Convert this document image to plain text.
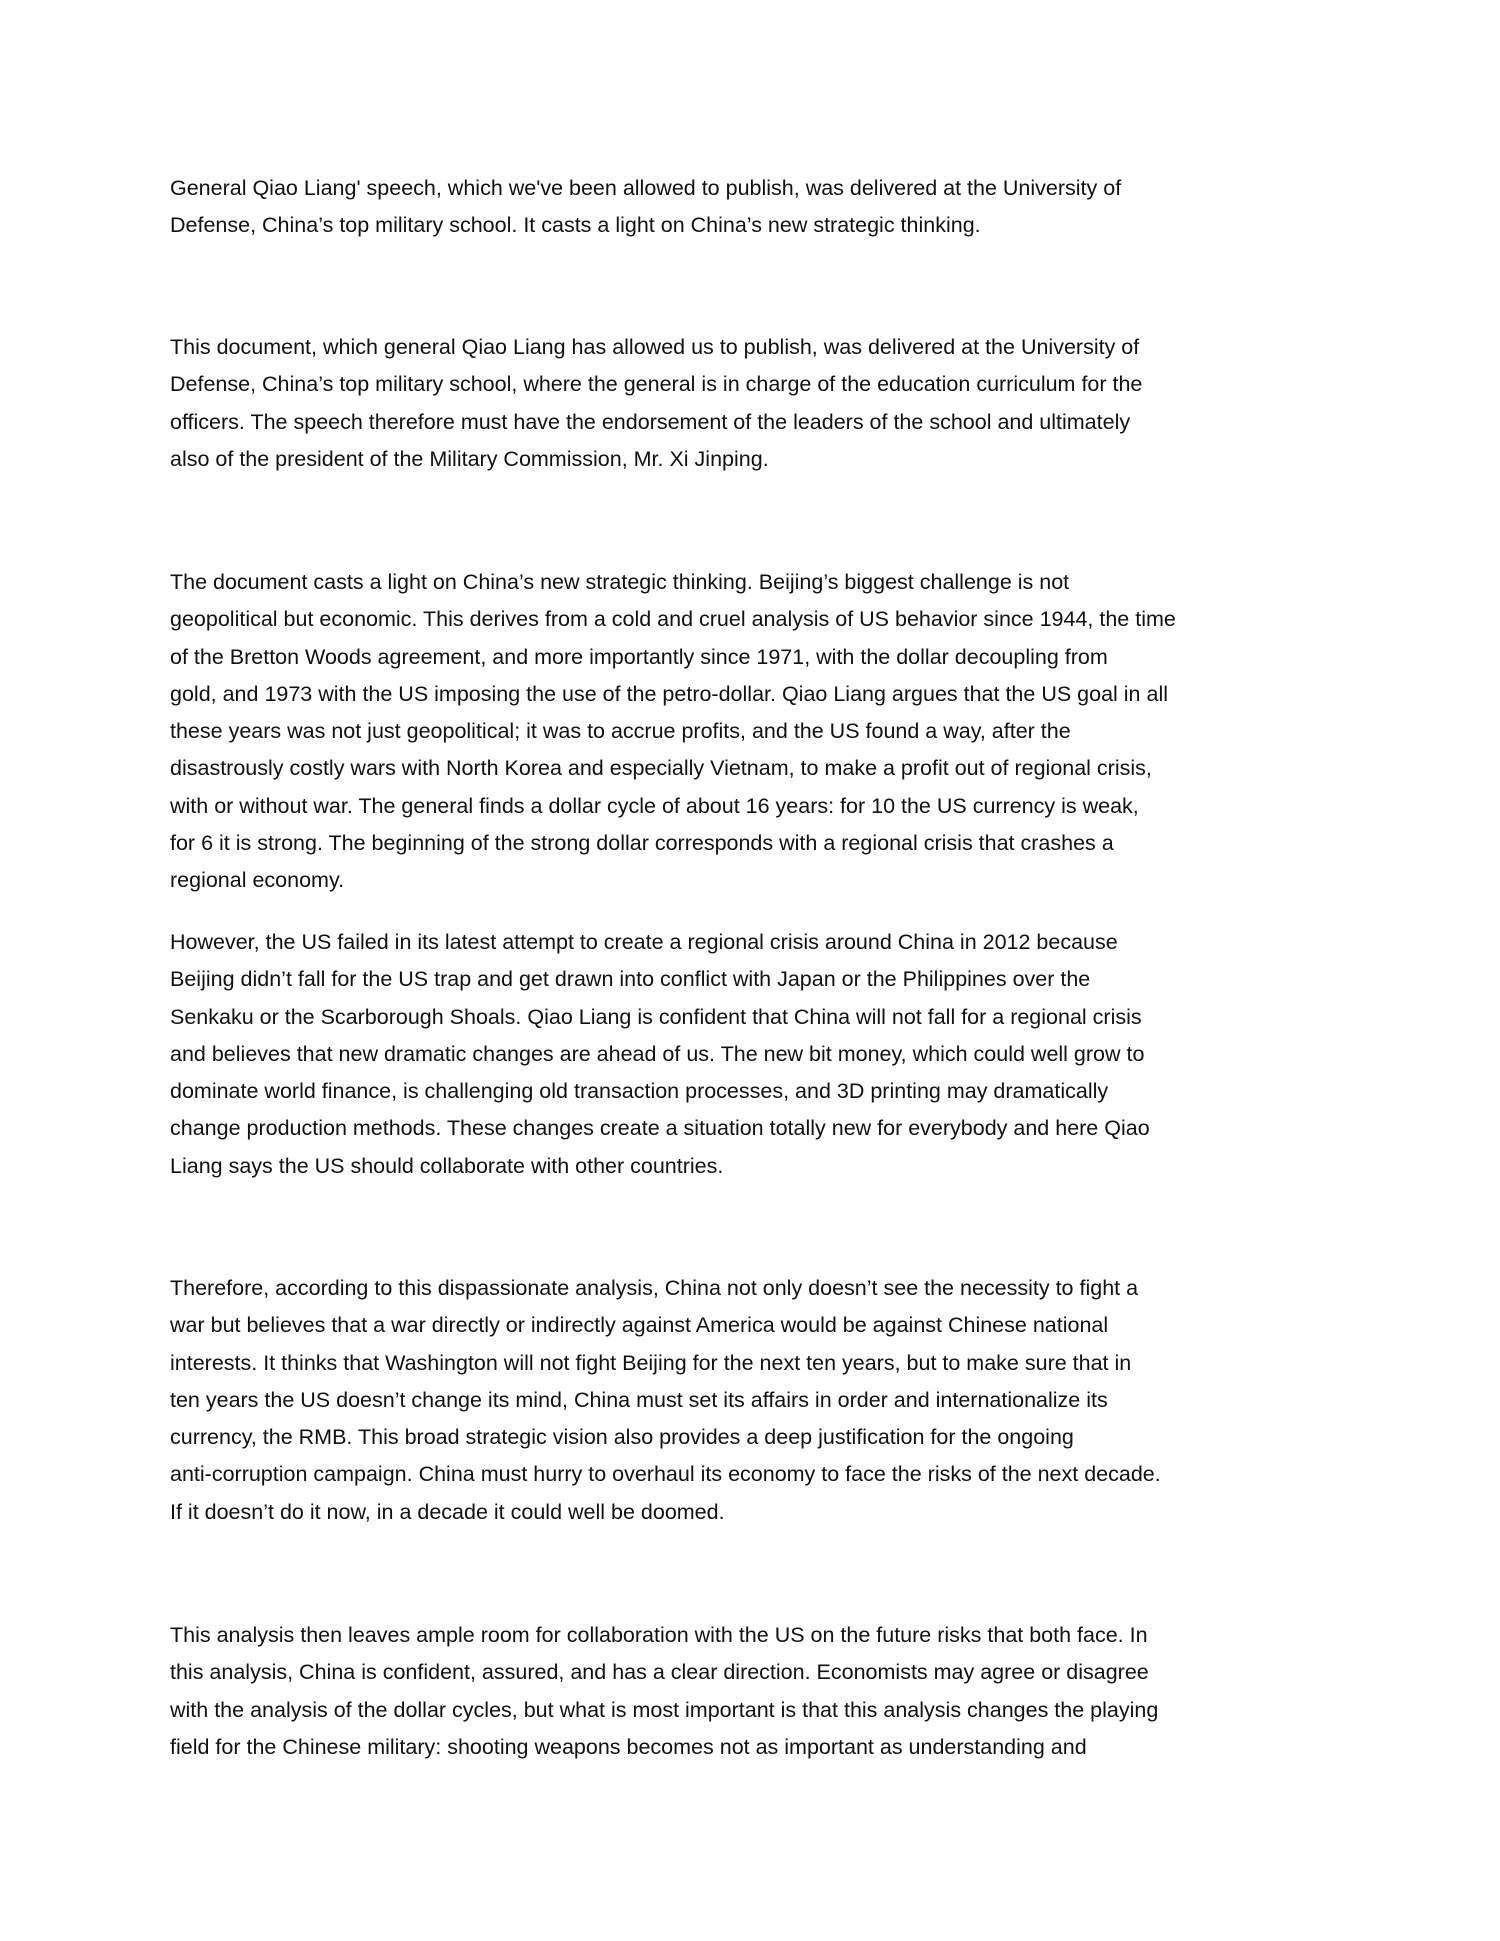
General Qiao Liang' speech, which we've been allowed to publish, was delivered at the University of
Defense, China’s top military school. It casts a light on China’s new strategic thinking.
This document, which general Qiao Liang has allowed us to publish, was delivered at the University of
Defense, China’s top military school, where the general is in charge of the education curriculum for the
officers. The speech therefore must have the endorsement of the leaders of the school and ultimately
also of the president of the Military Commission, Mr. Xi Jinping.
The document casts a light on China’s new strategic thinking. Beijing’s biggest challenge is not
geopolitical but economic. This derives from a cold and cruel analysis of US behavior since 1944, the time
of the Bretton Woods agreement, and more importantly since 1971, with the dollar decoupling from
gold, and 1973 with the US imposing the use of the petro-dollar. Qiao Liang argues that the US goal in all
these years was not just geopolitical; it was to accrue profits, and the US found a way, after the
disastrously costly wars with North Korea and especially Vietnam, to make a profit out of regional crisis,
with or without war. The general finds a dollar cycle of about 16 years: for 10 the US currency is weak,
for 6 it is strong. The beginning of the strong dollar corresponds with a regional crisis that crashes a
regional economy.
However, the US failed in its latest attempt to create a regional crisis around China in 2012 because
Beijing didn’t fall for the US trap and get drawn into conflict with Japan or the Philippines over the
Senkaku or the Scarborough Shoals. Qiao Liang is confident that China will not fall for a regional crisis
and believes that new dramatic changes are ahead of us. The new bit money, which could well grow to
dominate world finance, is challenging old transaction processes, and 3D printing may dramatically
change production methods. These changes create a situation totally new for everybody and here Qiao
Liang says the US should collaborate with other countries.
Therefore, according to this dispassionate analysis, China not only doesn’t see the necessity to fight a
war but believes that a war directly or indirectly against America would be against Chinese national
interests. It thinks that Washington will not fight Beijing for the next ten years, but to make sure that in
ten years the US doesn’t change its mind, China must set its affairs in order and internationalize its
currency, the RMB. This broad strategic vision also provides a deep justification for the ongoing
anti-corruption campaign. China must hurry to overhaul its economy to face the risks of the next decade.
If it doesn’t do it now, in a decade it could well be doomed.
This analysis then leaves ample room for collaboration with the US on the future risks that both face. In
this analysis, China is confident, assured, and has a clear direction. Economists may agree or disagree
with the analysis of the dollar cycles, but what is most important is that this analysis changes the playing
field for the Chinese military: shooting weapons becomes not as important as understanding and
